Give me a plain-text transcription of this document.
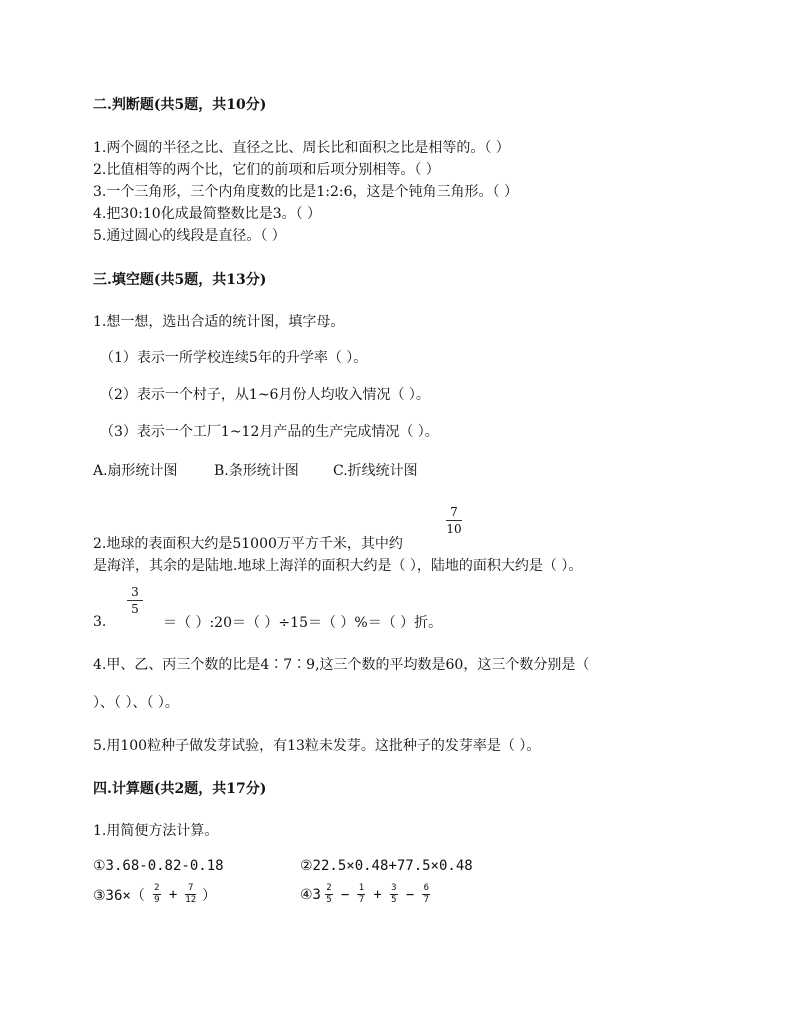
二.判断题(共5题，共10分)
1.两个圆的半径之比、直径之比、周长比和面积之比是相等的。（ ）
2.比值相等的两个比，它们的前项和后项分别相等。（ ）
3.一个三角形，三个内角度数的比是1:2:6，这是个钝角三角形。（ ）
4.把30:10化成最简整数比是3。（ ）
5.通过圆心的线段是直径。（ ）
三.填空题(共5题，共13分)
1.想一想，选出合适的统计图，填字母。
（1）表示一所学校连续5年的升学率（ ）。
（2）表示一个村子，从1~6月份人均收入情况（ ）。
（3）表示一个工厂1~12月产品的生产完成情况（ ）。
A.扇形统计图	B.条形统计图 C.折线统计图
7
10
2.地球的表面积大约是51000万平方千米，其中约
是海洋，其余的是陆地.地球上海洋的面积大约是（ ），陆地的面积大约是（ ）。
3
5
3.	＝（ ）:20＝（ ）÷15＝（ ）%＝（ ）折。
4.甲、乙、丙三个数的比是4∶7∶9,这三个数的平均数是60，这三个数分别是（
）、（ ）、（ ）。
5.用100粒种子做发芽试验，有13粒未发芽。这批种子的发芽率是（ ）。
四.计算题(共2题，共17分)
1.用简便方法计算。
①3.68-0.82-0.18	②22.5×0.48+77.5×0.48
③36×（ $\frac{2}{9} + \frac{7}{12}$ ）	④3 $\frac{2}{5} - \frac{1}{7} + \frac{3}{5} - \frac{6}{7}$
